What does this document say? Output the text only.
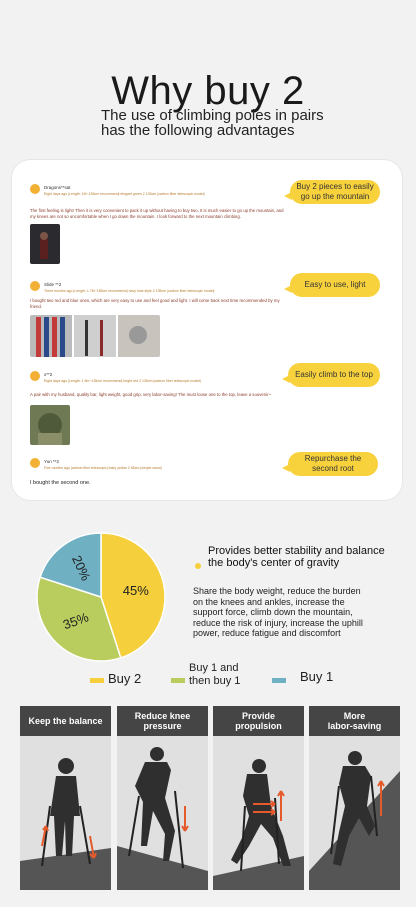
Why buy 2
The use of climbing poles in pairs
has the following advantages
Dragons**sat
Eight days ago |Length: 1M~135cm recommend| elegant green 2 135cm |carbon fiber telescopic model|
The first feeling is light! Then it is very convenient to pack it up without having to buy two. It is much easier to go up the mountain, and my knees are not so uncomfortable when I go down the mountain. I look forward to the next mountain climbing.
Buy 2 pieces to easily
go up the mountain
Slide **2
Three months ago |Length: 1.7M~185cm recommend| navy blue style 2 135cm |carbon fiber telescopic model|
I bought two red and blue ones, which are very easy to use and feel good and light. I will come back next time recommended by my friend.
Easy to use, light
x**2
Eight days ago |Length: 1.6m~135cm recommend| bright red 2 135cm |carbon fiber telescopic model|
A pair with my husband, quality bar, light weight, good grip, very labor-saving! The must loose one to the top, leave a souvenir~
Easily climb to the top
Yun **2
Five months ago |carbon fiber telescopic| baby yellow 2 65cm |simple wand|
I bought the second one.
Repurchase the
second root
45%
35%
20%
Provides better stability and balance
the body's center of gravity
Share the body weight, reduce the burden
on the knees and ankles, increase the
support force, climb down the mountain,
reduce the risk of injury, increase the uphill
power, reduce fatigue and discomfort
Buy 2
Buy 1 and
then buy 1	Buy 1
Keep the balance	Reduce knee
pressure
Provide
propulsion
More
labor-saving
